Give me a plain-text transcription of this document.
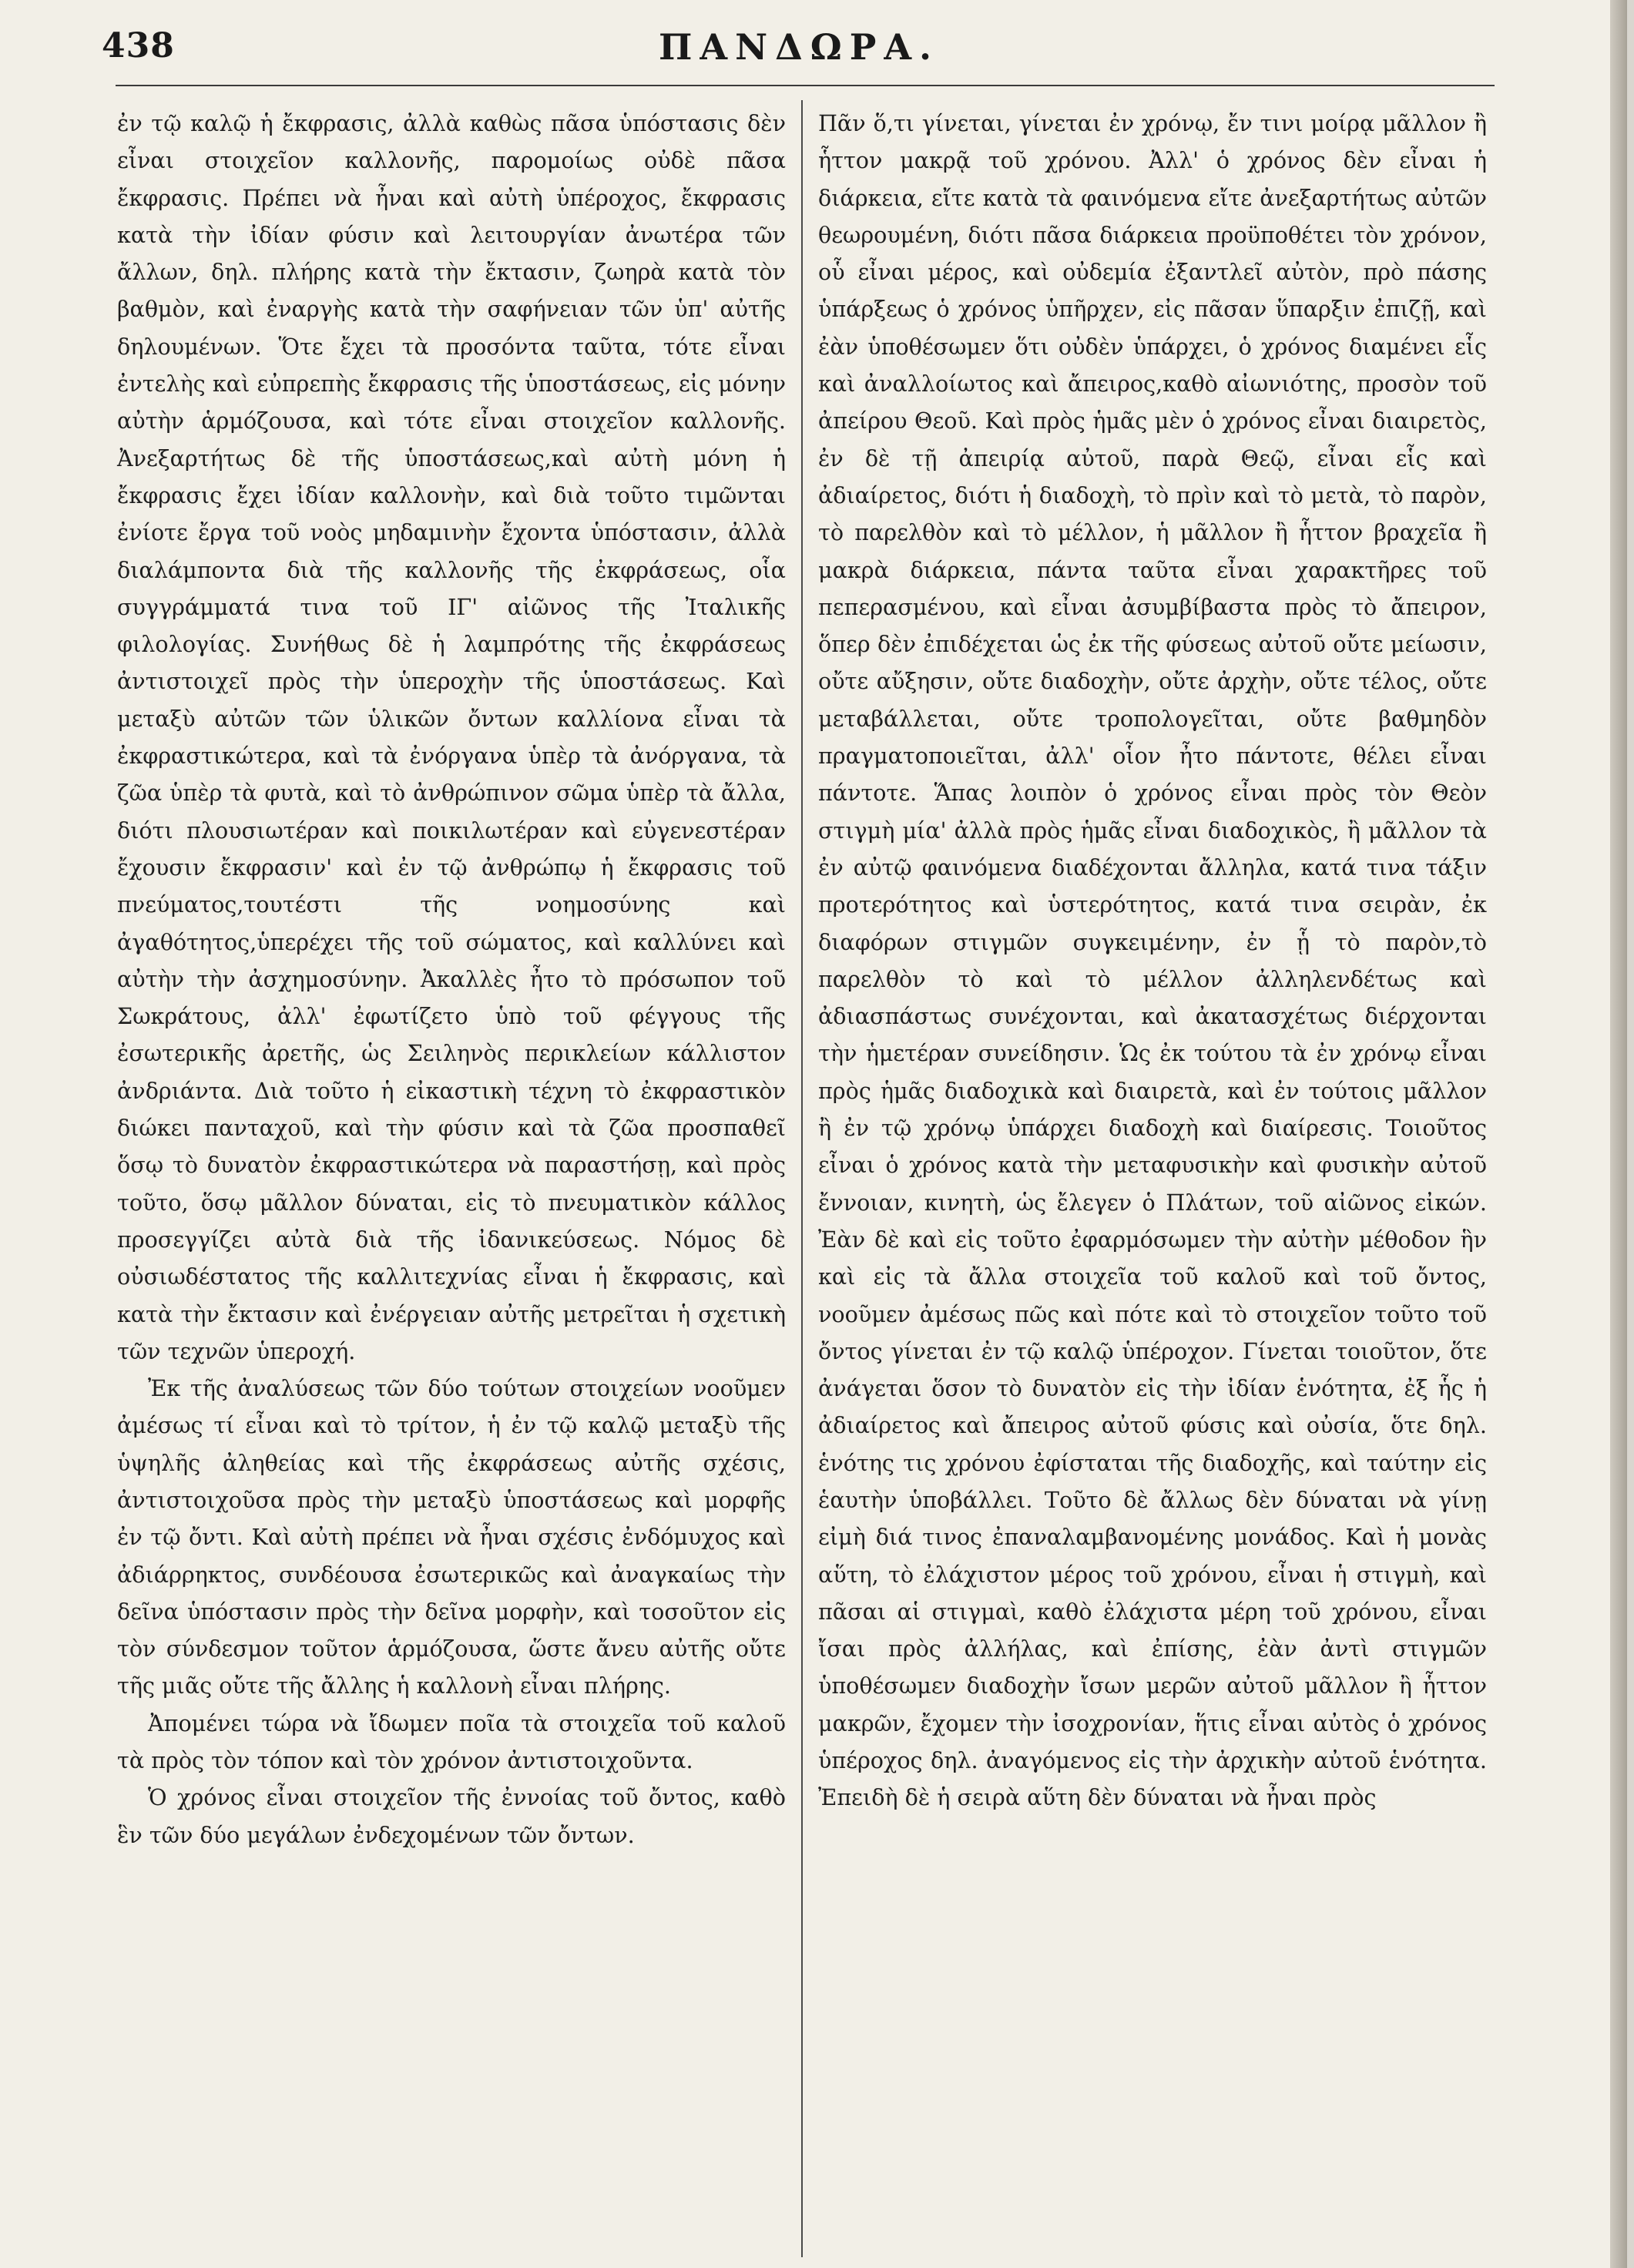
438	ΠΑΝΔΩΡΑ.

ἐν τῷ καλῷ ἡ ἔκφρασις, ἀλλὰ καθὼς πᾶσα ὑπόστασις δὲν εἶναι στοιχεῖον καλλονῆς, παρομοίως οὐδὲ πᾶσα ἔκφρασις. Πρέπει νὰ ἦναι καὶ αὐτὴ ὑπέροχος, ἔκφρασις κατὰ τὴν ἰδίαν φύσιν καὶ λειτουργίαν ἀνωτέρα τῶν ἄλλων, δηλ. πλήρης κατὰ τὴν ἔκτασιν, ζωηρὰ κατὰ τὸν βαθμὸν, καὶ ἐναργὴς κατὰ τὴν σαφήνειαν τῶν ὑπ' αὐτῆς δηλουμένων. Ὅτε ἔχει τὰ προσόντα ταῦτα, τότε εἶναι ἐντελὴς καὶ εὐπρεπὴς ἔκφρασις τῆς ὑποστάσεως, εἰς μόνην αὐτὴν ἁρμόζουσα, καὶ τότε εἶναι στοιχεῖον καλλονῆς. Ἀνεξαρτήτως δὲ τῆς ὑποστάσεως,καὶ αὐτὴ μόνη ἡ ἔκφρασις ἔχει ἰδίαν καλλονὴν, καὶ διὰ τοῦτο τιμῶνται ἐνίοτε ἔργα τοῦ νοὸς μηδαμινὴν ἔχοντα ὑπόστασιν, ἀλλὰ διαλάμποντα διὰ τῆς καλλονῆς τῆς ἐκφράσεως, οἷα συγγράμματά τινα τοῦ ΙΓ' αἰῶνος τῆς Ἰταλικῆς φιλολογίας. Συνήθως δὲ ἡ λαμπρότης τῆς ἐκφράσεως ἀντιστοιχεῖ πρὸς τὴν ὑπεροχὴν τῆς ὑποστάσεως. Καὶ μεταξὺ αὐτῶν τῶν ὑλικῶν ὄντων καλλίονα εἶναι τὰ ἐκφραστικώτερα, καὶ τὰ ἐνόργανα ὑπὲρ τὰ ἀνόργανα, τὰ ζῶα ὑπὲρ τὰ φυτὰ, καὶ τὸ ἀνθρώπινον σῶμα ὑπὲρ τὰ ἄλλα, διότι πλουσιωτέραν καὶ ποικιλωτέραν καὶ εὐγενεστέραν ἔχουσιν ἔκφρασιν' καὶ ἐν τῷ ἀνθρώπῳ ἡ ἔκφρασις τοῦ πνεύματος,τουτέστι τῆς νοημοσύνης καὶ ἀγαθότητος,ὑπερέχει τῆς τοῦ σώματος, καὶ καλλύνει καὶ αὐτὴν τὴν ἀσχημοσύνην. Ἀκαλλὲς ἦτο τὸ πρόσωπον τοῦ Σωκράτους, ἀλλ' ἐφωτίζετο ὑπὸ τοῦ φέγγους τῆς ἐσωτερικῆς ἀρετῆς, ὡς Σειληνὸς περικλείων κάλλιστον ἀνδριάντα. Διὰ τοῦτο ἡ εἰκαστικὴ τέχνη τὸ ἐκφραστικὸν διώκει πανταχοῦ, καὶ τὴν φύσιν καὶ τὰ ζῶα προσπαθεῖ ὅσῳ τὸ δυνατὸν ἐκφραστικώτερα νὰ παραστήσῃ, καὶ πρὸς τοῦτο, ὅσῳ μᾶλλον δύναται, εἰς τὸ πνευματικὸν κάλλος προσεγγίζει αὐτὰ διὰ τῆς ἰδανικεύσεως. Νόμος δὲ οὐσιωδέστατος τῆς καλλιτεχνίας εἶναι ἡ ἔκφρασις, καὶ κατὰ τὴν ἔκτασιν καὶ ἐνέργειαν αὐτῆς μετρεῖται ἡ σχετικὴ τῶν τεχνῶν ὑπεροχή.

Ἐκ τῆς ἀναλύσεως τῶν δύο τούτων στοιχείων νοοῦμεν ἀμέσως τί εἶναι καὶ τὸ τρίτον, ἡ ἐν τῷ καλῷ μεταξὺ τῆς ὑψηλῆς ἀληθείας καὶ τῆς ἐκφράσεως αὐτῆς σχέσις, ἀντιστοιχοῦσα πρὸς τὴν μεταξὺ ὑποστάσεως καὶ μορφῆς ἐν τῷ ὄντι. Καὶ αὐτὴ πρέπει νὰ ἦναι σχέσις ἐνδόμυχος καὶ ἀδιάρρηκτος, συνδέουσα ἐσωτερικῶς καὶ ἀναγκαίως τὴν δεῖνα ὑπόστασιν πρὸς τὴν δεῖνα μορφὴν, καὶ τοσοῦτον εἰς τὸν σύνδεσμον τοῦτον ἁρμόζουσα, ὥστε ἄνευ αὐτῆς οὔτε τῆς μιᾶς οὔτε τῆς ἄλλης ἡ καλλονὴ εἶναι πλήρης.

Ἀπομένει τώρα νὰ ἴδωμεν ποῖα τὰ στοιχεῖα τοῦ καλοῦ τὰ πρὸς τὸν τόπον καὶ τὸν χρόνον ἀντιστοιχοῦντα.

Ὁ χρόνος εἶναι στοιχεῖον τῆς ἐννοίας τοῦ ὄντος, καθὸ ἓν τῶν δύο μεγάλων ἐνδεχομένων τῶν ὄντων.

Πᾶν ὅ,τι γίνεται, γίνεται ἐν χρόνῳ, ἔν τινι μοίρᾳ μᾶλλον ἢ ἧττον μακρᾷ τοῦ χρόνου. Ἀλλ' ὁ χρόνος δὲν εἶναι ἡ διάρκεια, εἴτε κατὰ τὰ φαινόμενα εἴτε ἀνεξαρτήτως αὐτῶν θεωρουμένη, διότι πᾶσα διάρκεια προϋποθέτει τὸν χρόνον, οὗ εἶναι μέρος, καὶ οὐδεμία ἐξαντλεῖ αὐτὸν, πρὸ πάσης ὑπάρξεως ὁ χρόνος ὑπῆρχεν, εἰς πᾶσαν ὕπαρξιν ἐπιζῇ, καὶ ἐὰν ὑποθέσωμεν ὅτι οὐδὲν ὑπάρχει, ὁ χρόνος διαμένει εἷς καὶ ἀναλλοίωτος καὶ ἄπειρος,καθὸ αἰωνιότης, προσὸν τοῦ ἀπείρου Θεοῦ. Καὶ πρὸς ἡμᾶς μὲν ὁ χρόνος εἶναι διαιρετὸς, ἐν δὲ τῇ ἀπειρίᾳ αὐτοῦ, παρὰ Θεῷ, εἶναι εἷς καὶ ἀδιαίρετος, διότι ἡ διαδοχὴ, τὸ πρὶν καὶ τὸ μετὰ, τὸ παρὸν, τὸ παρελθὸν καὶ τὸ μέλλον, ἡ μᾶλλον ἢ ἧττον βραχεῖα ἢ μακρὰ διάρκεια, πάντα ταῦτα εἶναι χαρακτῆρες τοῦ πεπερασμένου, καὶ εἶναι ἀσυμβίβαστα πρὸς τὸ ἄπειρον, ὅπερ δὲν ἐπιδέχεται ὡς ἐκ τῆς φύσεως αὐτοῦ οὔτε μείωσιν, οὔτε αὔξησιν, οὔτε διαδοχὴν, οὔτε ἀρχὴν, οὔτε τέλος, οὔτε μεταβάλλεται, οὔτε τροπολογεῖται, οὔτε βαθμηδὸν πραγματοποιεῖται, ἀλλ' οἷον ἦτο πάντοτε, θέλει εἶναι πάντοτε. Ἅπας λοιπὸν ὁ χρόνος εἶναι πρὸς τὸν Θεὸν στιγμὴ μία' ἀλλὰ πρὸς ἡμᾶς εἶναι διαδοχικὸς, ἢ μᾶλλον τὰ ἐν αὐτῷ φαινόμενα διαδέχονται ἄλληλα, κατά τινα τάξιν προτερότητος καὶ ὑστερότητος, κατά τινα σειρὰν, ἐκ διαφόρων στιγμῶν συγκειμένην, ἐν ᾗ τὸ παρὸν,τὸ παρελθὸν τὸ καὶ τὸ μέλλον ἀλληλενδέτως καὶ ἀδιασπάστως συνέχονται, καὶ ἀκατασχέτως διέρχονται τὴν ἡμετέραν συνείδησιν. Ὡς ἐκ τούτου τὰ ἐν χρόνῳ εἶναι πρὸς ἡμᾶς διαδοχικὰ καὶ διαιρετὰ, καὶ ἐν τούτοις μᾶλλον ἢ ἐν τῷ χρόνῳ ὑπάρχει διαδοχὴ καὶ διαίρεσις. Τοιοῦτος εἶναι ὁ χρόνος κατὰ τὴν μεταφυσικὴν καὶ φυσικὴν αὐτοῦ ἔννοιαν, κινητὴ, ὡς ἔλεγεν ὁ Πλάτων, τοῦ αἰῶνος εἰκών. Ἐὰν δὲ καὶ εἰς τοῦτο ἐφαρμόσωμεν τὴν αὐτὴν μέθοδον ἣν καὶ εἰς τὰ ἄλλα στοιχεῖα τοῦ καλοῦ καὶ τοῦ ὄντος, νοοῦμεν ἀμέσως πῶς καὶ πότε καὶ τὸ στοιχεῖον τοῦτο τοῦ ὄντος γίνεται ἐν τῷ καλῷ ὑπέροχον. Γίνεται τοιοῦτον, ὅτε ἀνάγεται ὅσον τὸ δυνατὸν εἰς τὴν ἰδίαν ἑνότητα, ἐξ ἧς ἡ ἀδιαίρετος καὶ ἄπειρος αὐτοῦ φύσις καὶ οὐσία, ὅτε δηλ. ἑνότης τις χρόνου ἐφίσταται τῆς διαδοχῆς, καὶ ταύτην εἰς ἑαυτὴν ὑποβάλλει. Τοῦτο δὲ ἄλλως δὲν δύναται νὰ γίνῃ εἰμὴ διά τινος ἐπαναλαμβανομένης μονάδος. Καὶ ἡ μονὰς αὕτη, τὸ ἐλάχιστον μέρος τοῦ χρόνου, εἶναι ἡ στιγμὴ, καὶ πᾶσαι αἱ στιγμαὶ, καθὸ ἐλάχιστα μέρη τοῦ χρόνου, εἶναι ἴσαι πρὸς ἀλλήλας, καὶ ἐπίσης, ἐὰν ἀντὶ στιγμῶν ὑποθέσωμεν διαδοχὴν ἴσων μερῶν αὐτοῦ μᾶλλον ἢ ἧττον μακρῶν, ἔχομεν τὴν ἰσοχρονίαν, ἥτις εἶναι αὐτὸς ὁ χρόνος ὑπέροχος δηλ. ἀναγόμενος εἰς τὴν ἀρχικὴν αὐτοῦ ἑνότητα. Ἐπειδὴ δὲ ἡ σειρὰ αὕτη δὲν δύναται νὰ ἦναι πρὸς
